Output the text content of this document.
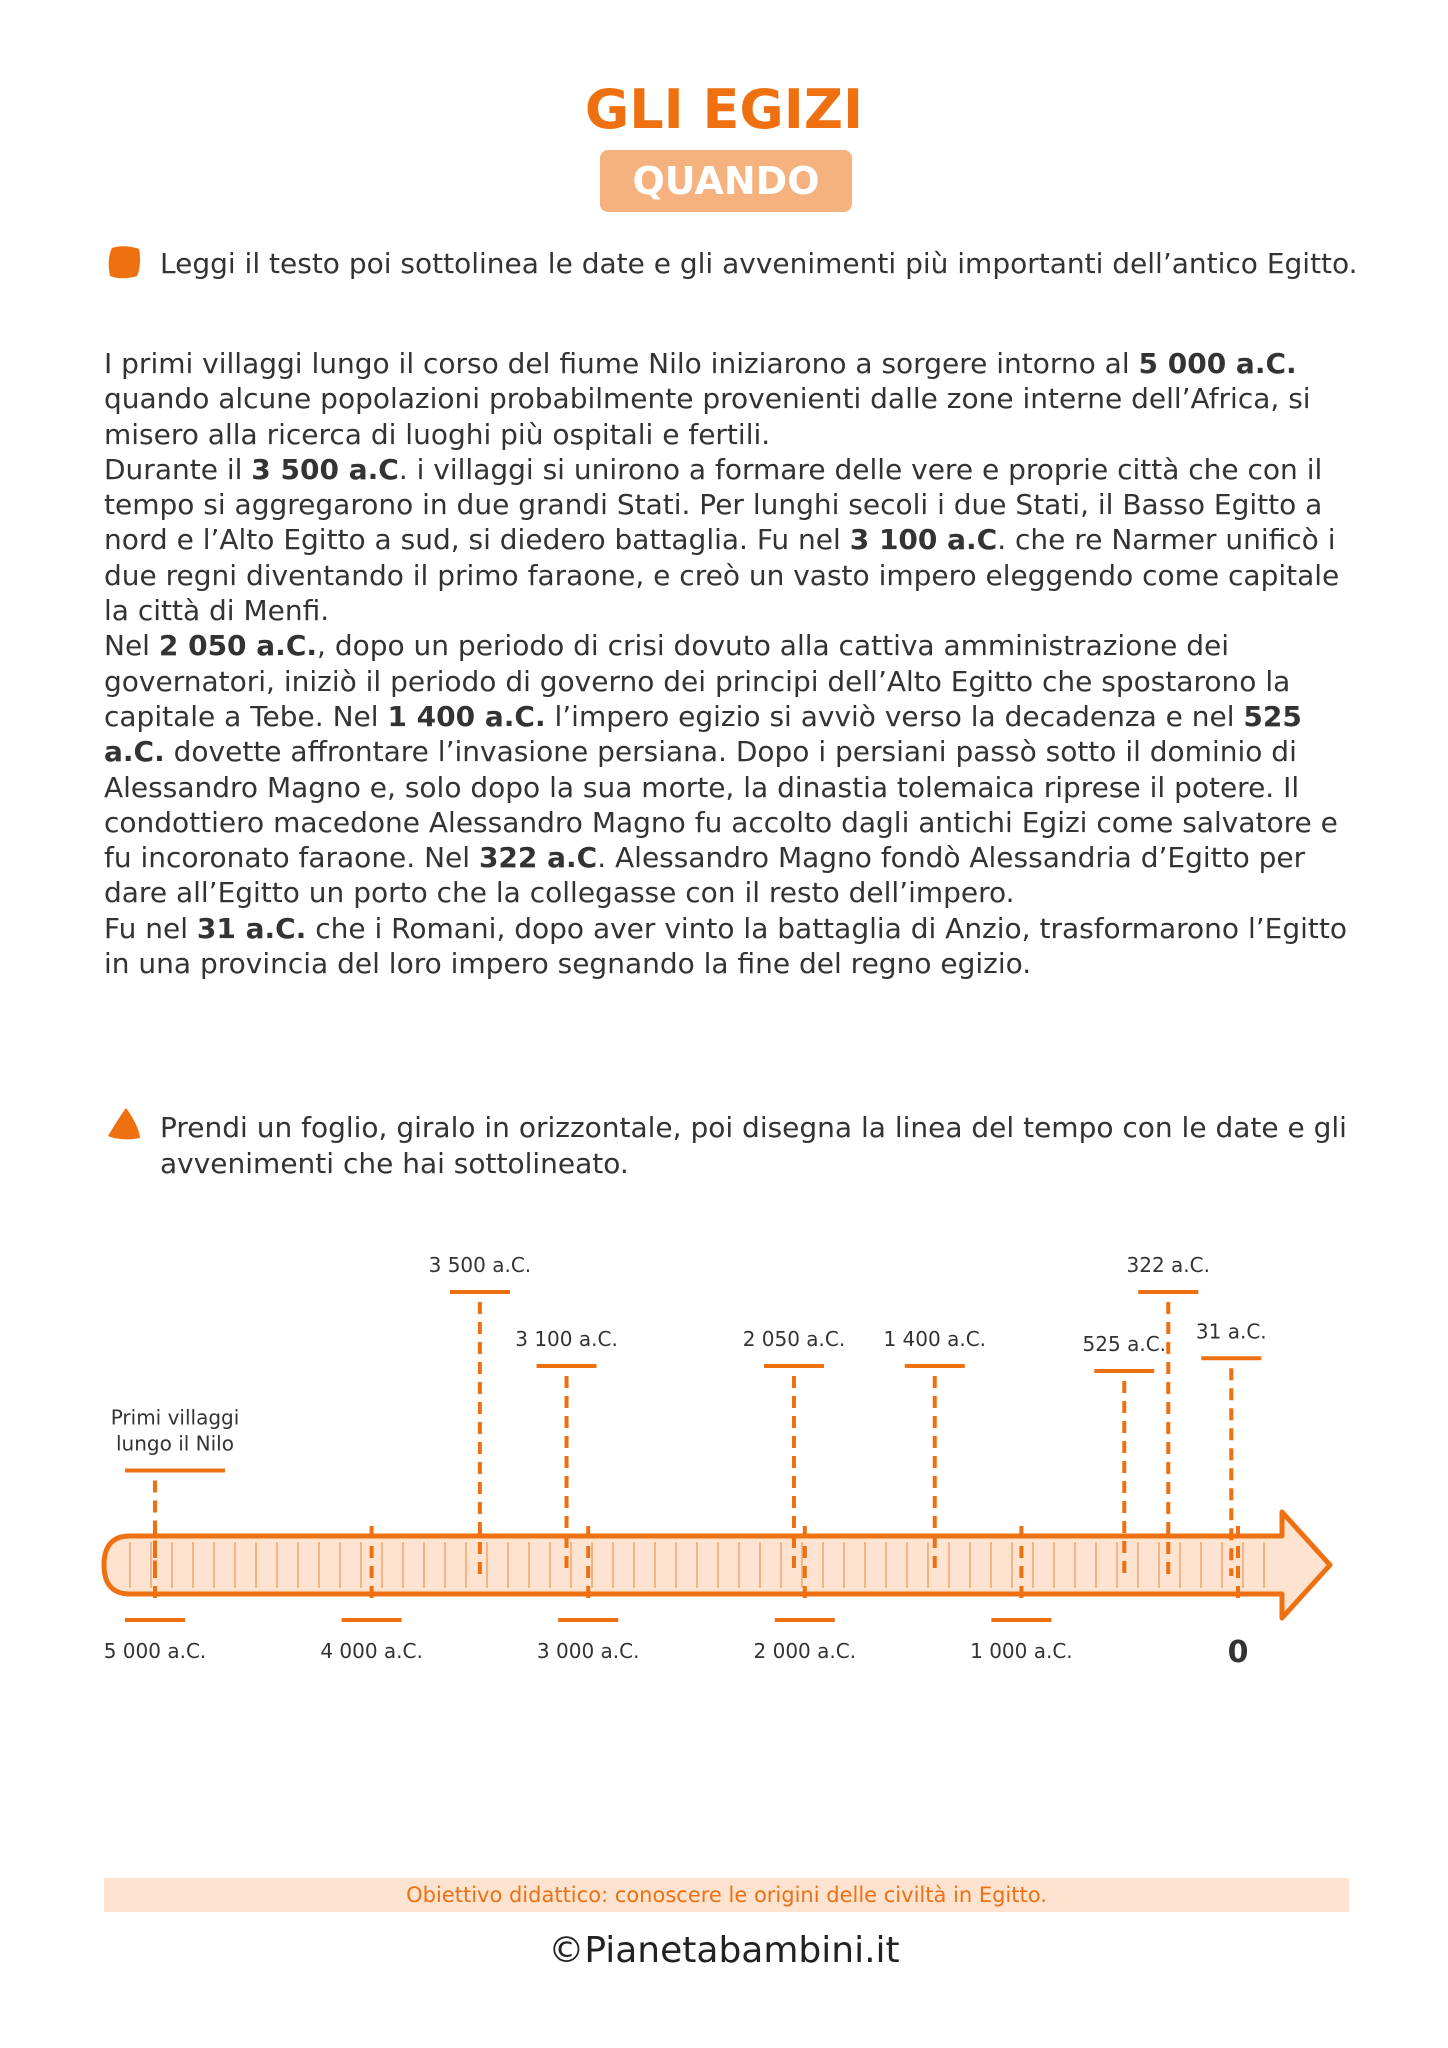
GLI EGIZI
QUANDO
Leggi il testo poi sottolinea le date e gli avvenimenti più importanti dell’antico Egitto.

I primi villaggi lungo il corso del fiume Nilo iniziarono a sorgere intorno al 5 000 a.C. quando alcune popolazioni probabilmente provenienti dalle zone interne dell’Africa, si misero alla ricerca di luoghi più ospitali e fertili.

Durante il 3 500 a.C. i villaggi si unirono a formare delle vere e proprie città che con il tempo si aggregarono in due grandi Stati. Per lunghi secoli i due Stati, il Basso Egitto a nord e l’Alto Egitto a sud, si diedero battaglia. Fu nel 3 100 a.C. che re Narmer unificò i due regni diventando il primo faraone, e creò un vasto impero eleggendo come capitale la città di Menfi.

Nel 2 050 a.C., dopo un periodo di crisi dovuto alla cattiva amministrazione dei governatori, iniziò il periodo di governo dei principi dell’Alto Egitto che spostarono la capitale a Tebe. Nel 1 400 a.C. l’impero egizio si avviò verso la decadenza e nel 525 a.C. dovette affrontare l’invasione persiana. Dopo i persiani passò sotto il dominio di Alessandro Magno e, solo dopo la sua morte, la dinastia tolemaica riprese il potere. Il condottiero macedone Alessandro Magno fu accolto dagli antichi Egizi come salvatore e fu incoronato faraone. Nel 322 a.C. Alessandro Magno fondò Alessandria d’Egitto per dare all’Egitto un porto che la collegasse con il resto dell’impero.

Fu nel 31 a.C. che i Romani, dopo aver vinto la battaglia di Anzio, trasformarono l’Egitto in una provincia del loro impero segnando la fine del regno egizio.

Prendi un foglio, giralo in orizzontale, poi disegna la linea del tempo con le date e gli avvenimenti che hai sottolineato.
5 000 a.C.	4 000 a.C.	3 000 a.C.	2 000 a.C.	1 000 a.C.	0
Primi villaggi
lungo il Nilo
3 500 a.C.
3 100 a.C.	2 050 a.C. 1 400 a.C.	525 a.C.
322 a.C.
31 a.C.
Obiettivo didattico: conoscere le origini delle civiltà in Egitto.
©Pianetabambini.it
